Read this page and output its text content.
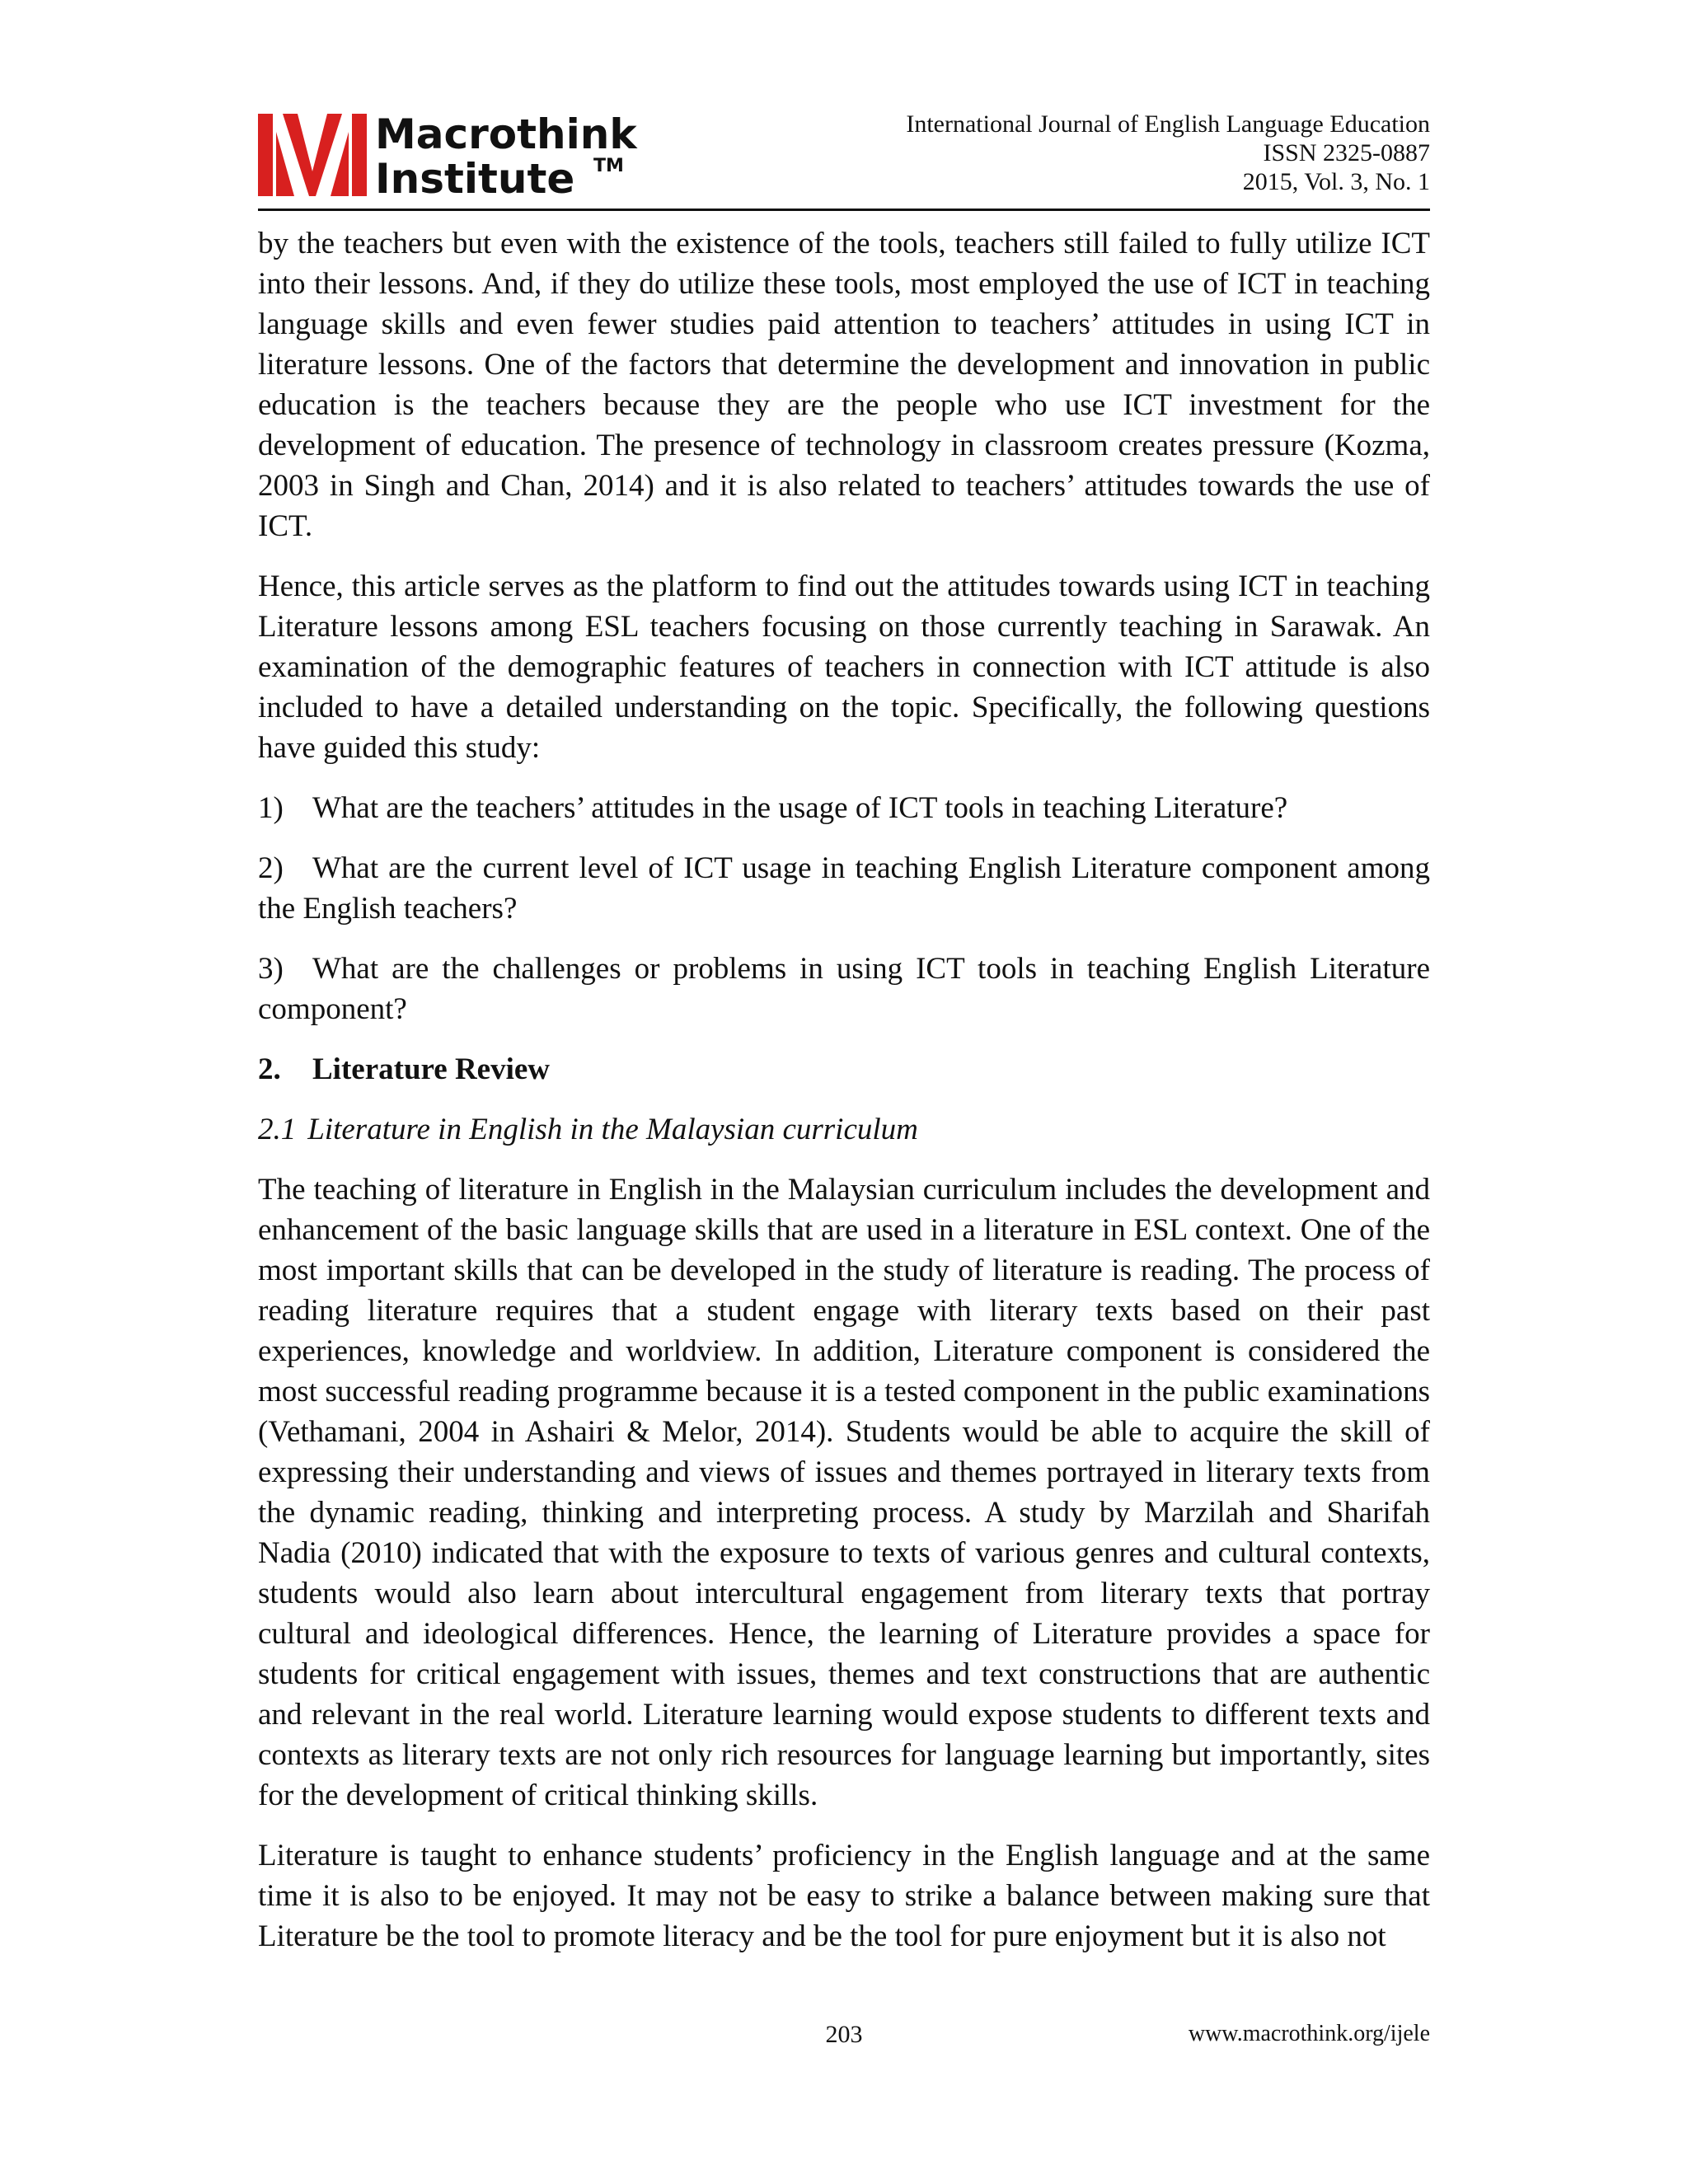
Macrothink
Institute TM
International Journal of English Language Education
ISSN 2325-0887
2015, Vol. 3, No. 1

by the teachers but even with the existence of the tools, teachers still failed to fully utilize ICT into their lessons. And, if they do utilize these tools, most employed the use of ICT in teaching language skills and even fewer studies paid attention to teachers’ attitudes in using ICT in literature lessons. One of the factors that determine the development and innovation in public education is the teachers because they are the people who use ICT investment for the development of education. The presence of technology in classroom creates pressure (Kozma, 2003 in Singh and Chan, 2014) and it is also related to teachers’ attitudes towards the use of ICT.

Hence, this article serves as the platform to find out the attitudes towards using ICT in teaching Literature lessons among ESL teachers focusing on those currently teaching in Sarawak. An examination of the demographic features of teachers in connection with ICT attitude is also included to have a detailed understanding on the topic. Specifically, the following questions have guided this study:

1) What are the teachers’ attitudes in the usage of ICT tools in teaching Literature?
2) What are the current level of ICT usage in teaching English Literature component among the English teachers?
3) What are the challenges or problems in using ICT tools in teaching English Literature component?
2. Literature Review
2.1 Literature in English in the Malaysian curriculum

The teaching of literature in English in the Malaysian curriculum includes the development and enhancement of the basic language skills that are used in a literature in ESL context. One of the most important skills that can be developed in the study of literature is reading. The process of reading literature requires that a student engage with literary texts based on their past experiences, knowledge and worldview. In addition, Literature component is considered the most successful reading programme because it is a tested component in the public examinations (Vethamani, 2004 in Ashairi & Melor, 2014). Students would be able to acquire the skill of expressing their understanding and views of issues and themes portrayed in literary texts from the dynamic reading, thinking and interpreting process. A study by Marzilah and Sharifah Nadia (2010) indicated that with the exposure to texts of various genres and cultural contexts, students would also learn about intercultural engagement from literary texts that portray cultural and ideological differences. Hence, the learning of Literature provides a space for students for critical engagement with issues, themes and text constructions that are authentic and relevant in the real world. Literature learning would expose students to different texts and contexts as literary texts are not only rich resources for language learning but importantly, sites for the development of critical thinking skills.

Literature is taught to enhance students’ proficiency in the English language and at the same time it is also to be enjoyed. It may not be easy to strike a balance between making sure that Literature be the tool to promote literacy and be the tool for pure enjoyment but it is also not

203	www.macrothink.org/ijele
